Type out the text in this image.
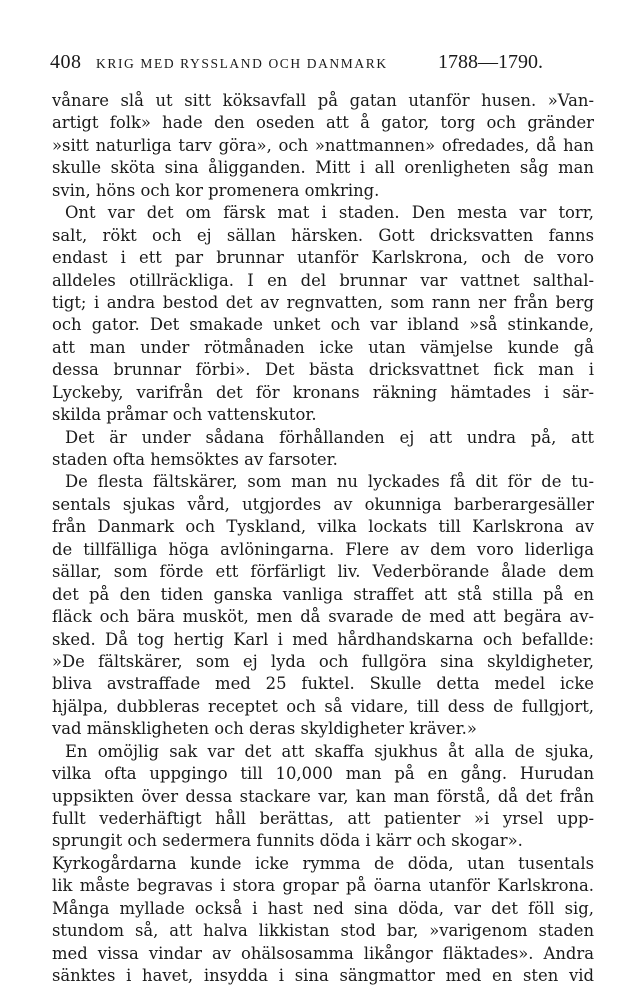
408 KRIG MED RYSSLAND OCH DANMARK	1788—1790.
vånare slå ut sitt köksavfall på gatan utanför husen. »Van-
artigt folk» hade den oseden att å gator, torg och gränder
»sitt naturliga tarv göra», och »nattmannen» ofredades, då han
skulle sköta sina åligganden. Mitt i all orenligheten såg man
svin, höns och kor promenera omkring.
Ont var det om färsk mat i staden. Den mesta var torr,
salt, rökt och ej sällan härsken. Gott dricksvatten fanns
endast i ett par brunnar utanför Karlskrona, och de voro
alldeles otillräckliga. I en del brunnar var vattnet salthal-
tigt; i andra bestod det av regnvatten, som rann ner från berg
och gator. Det smakade unket och var ibland »så stinkande,
att man under rötmånaden icke utan vämjelse kunde gå
dessa brunnar förbi». Det bästa dricksvattnet fick man i
Lyckeby, varifrån det för kronans räkning hämtades i sär-
skilda pråmar och vattenskutor.
Det är under sådana förhållanden ej att undra på, att
staden ofta hemsöktes av farsoter.
De flesta fältskärer, som man nu lyckades få dit för de tu-
sentals sjukas vård, utgjordes av okunniga barberargesäller
från Danmark och Tyskland, vilka lockats till Karlskrona av
de tillfälliga höga avlöningarna. Flere av dem voro liderliga
sällar, som förde ett förfärligt liv. Vederbörande ålade dem
det på den tiden ganska vanliga straffet att stå stilla på en
fläck och bära musköt, men då svarade de med att begära av-
sked. Då tog hertig Karl i med hårdhandskarna och befallde:
»De fältskärer, som ej lyda och fullgöra sina skyldigheter,
bliva avstraffade med 25 fuktel. Skulle detta medel icke
hjälpa, dubbleras receptet och så vidare, till dess de fullgjort,
vad mänskligheten och deras skyldigheter kräver.»
En omöjlig sak var det att skaffa sjukhus åt alla de sjuka,
vilka ofta uppgingo till 10,000 man på en gång. Hurudan
uppsikten över dessa stackare var, kan man förstå, då det från
fullt vederhäftigt håll berättas, att patienter »i yrsel upp-
sprungit och sedermera funnits döda i kärr och skogar».
Kyrkogårdarna kunde icke rymma de döda, utan tusentals
lik måste begravas i stora gropar på öarna utanför Karlskrona.
Många myllade också i hast ned sina döda, var det föll sig,
stundom så, att halva likkistan stod bar, »varigenom staden
med vissa vindar av ohälsosamma likångor fläktades». Andra
sänktes i havet, insydda i sina sängmattor med en sten vid
